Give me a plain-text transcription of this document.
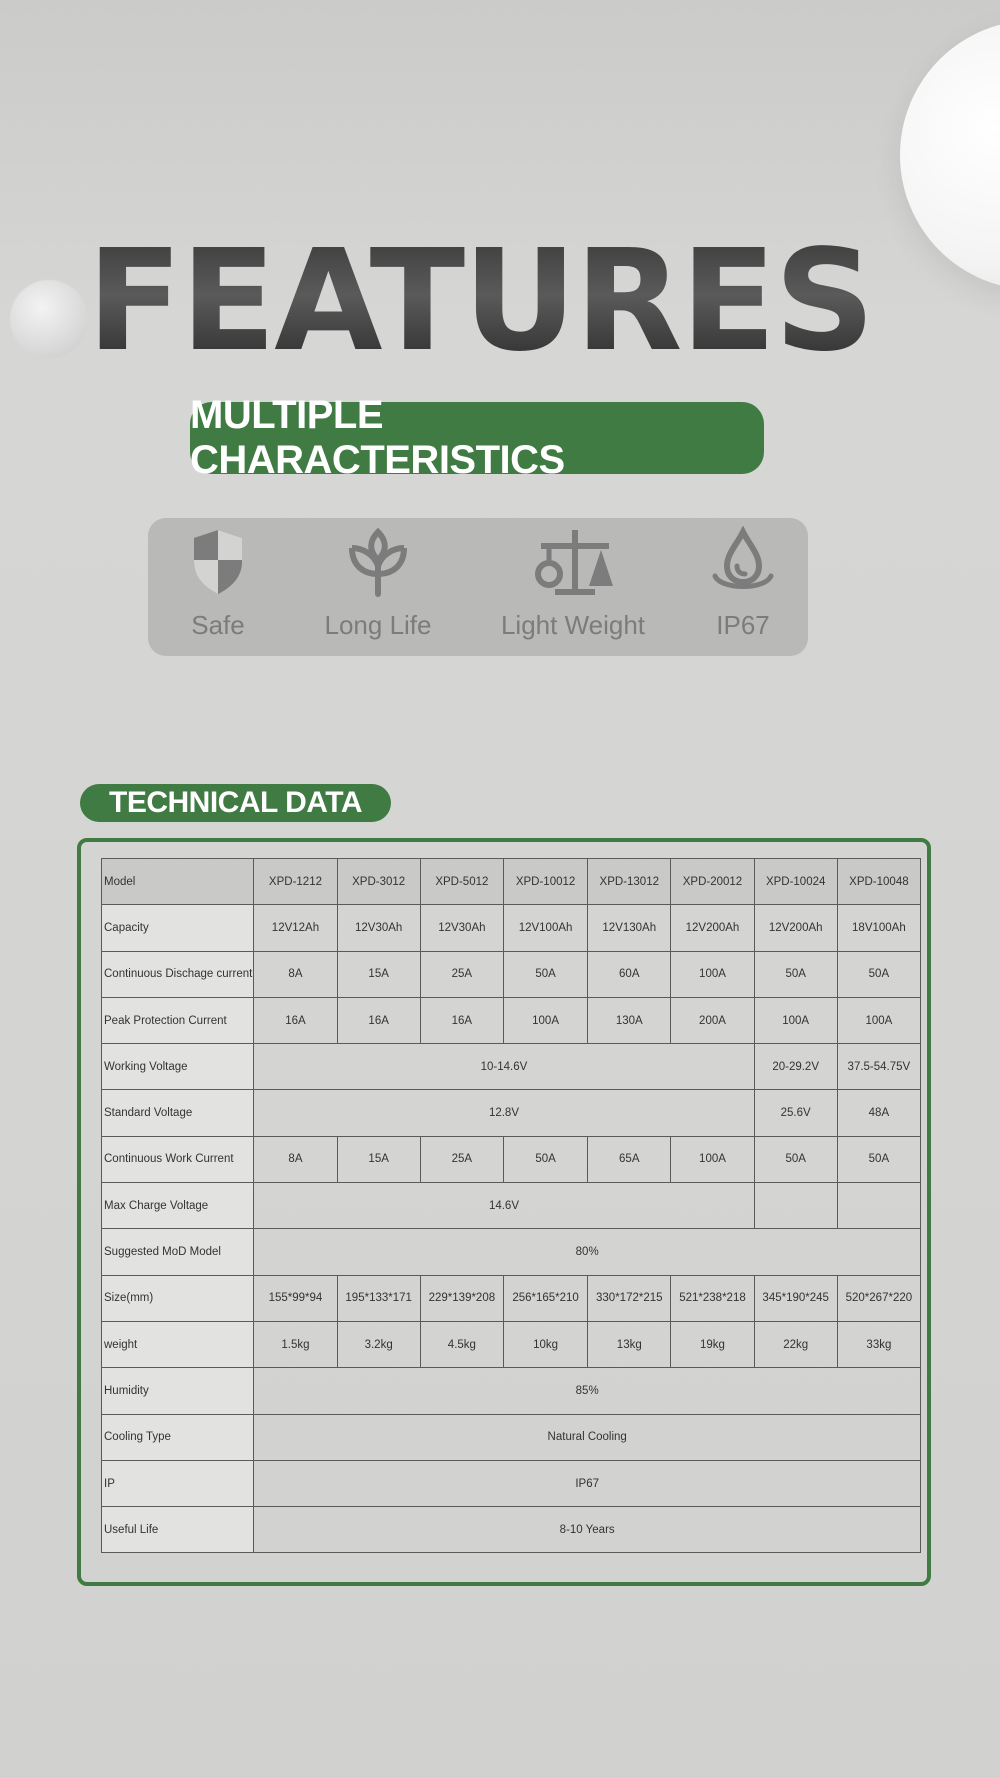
FEATURES
MULTIPLE CHARACTERISTICS
Safe	Long Life	Light Weight	IP67
TECHNICAL DATA
Model	XPD-1212	XPD-3012	XPD-5012	XPD-10012	XPD-13012	XPD-20012	XPD-10024	XPD-10048
Capacity	12V12Ah	12V30Ah	12V30Ah	12V100Ah	12V130Ah	12V200Ah	12V200Ah	18V100Ah
Continuous Dischage current	8A	15A	25A	50A	60A	100A	50A	50A
Peak Protection Current	16A	16A	16A	100A	130A	200A	100A	100A
Working Voltage	10-14.6V						20-29.2V	37.5-54.75V
Standard Voltage	12.8V						25.6V	48A
Continuous Work Current	8A	15A	25A	50A	65A	100A	50A	50A
Max Charge Voltage	14.6V							
Suggested MoD Model	80%							
Size(mm)	155*99*94	195*133*171	229*139*208	256*165*210	330*172*215	521*238*218	345*190*245	520*267*220
weight	1.5kg	3.2kg	4.5kg	10kg	13kg	19kg	22kg	33kg
Humidity	85%							
Cooling Type	Natural Cooling							
IP	IP67							
Useful Life	8-10 Years							
